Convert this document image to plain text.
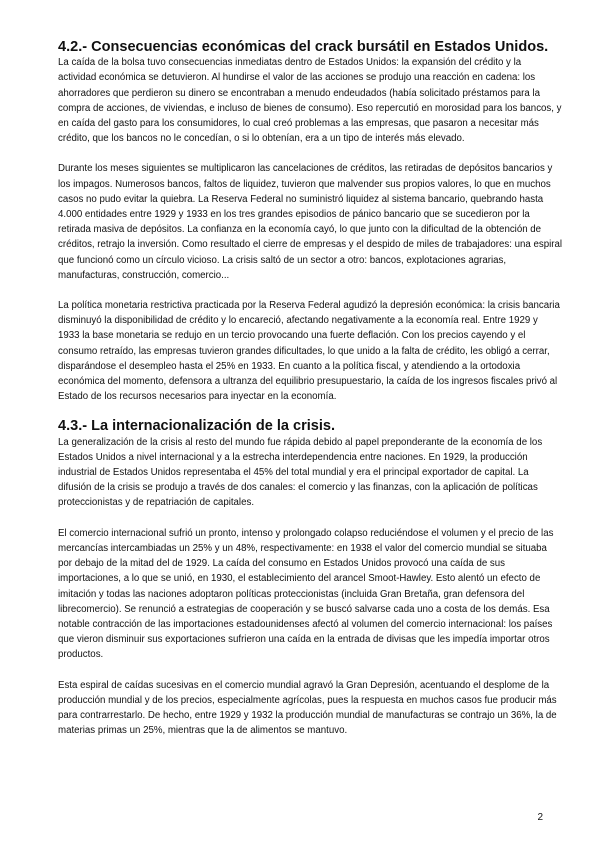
4.2.- Consecuencias económicas del crack bursátil en Estados Unidos.

La caída de la bolsa tuvo consecuencias inmediatas dentro de Estados Unidos: la expansión del crédito y la actividad económica se detuvieron. Al hundirse el valor de las acciones se produjo una reacción en cadena: los ahorradores que perdieron su dinero se encontraban a menudo endeudados (había solicitado préstamos para la compra de acciones, de viviendas, e incluso de bienes de consumo). Eso repercutió en morosidad para los bancos, y en caída del gasto para los consumidores, lo cual creó problemas a las empresas, que pasaron a necesitar más crédito, que los bancos no le concedían, o si lo obtenían, era a un tipo de interés más elevado.

Durante los meses siguientes se multiplicaron las cancelaciones de créditos, las retiradas de depósitos bancarios y los impagos. Numerosos bancos, faltos de liquidez, tuvieron que malvender sus propios valores, lo que en muchos casos no pudo evitar la quiebra. La Reserva Federal no suministró liquidez al sistema bancario, quebrando hasta 4.000 entidades entre 1929 y 1933 en los tres grandes episodios de pánico bancario que se sucedieron por la retirada masiva de depósitos. La confianza en la economía cayó, lo que junto con la dificultad de la obtención de créditos, retrajo la inversión. Como resultado el cierre de empresas y el despido de miles de trabajadores: una espiral que funcionó como un círculo vicioso. La crisis saltó de un sector a otro: bancos, explotaciones agrarias, manufacturas, construcción, comercio...

La política monetaria restrictiva practicada por la Reserva Federal agudizó la depresión económica: la crisis bancaria disminuyó la disponibilidad de crédito y lo encareció, afectando negativamente a la economía real. Entre 1929 y 1933 la base monetaria se redujo en un tercio provocando una fuerte deflación. Con los precios cayendo y el consumo retraído, las empresas tuvieron grandes dificultades, lo que unido a la falta de crédito, les obligó a cerrar, disparándose el desempleo hasta el 25% en 1933. En cuanto a la política fiscal, y atendiendo a la ortodoxia económica del momento, defensora a ultranza del equilibrio presupuestario, la caída de los ingresos fiscales privó al Estado de los recursos necesarios para inyectar en la economía.

4.3.- La internacionalización de la crisis.

La generalización de la crisis al resto del mundo fue rápida debido al papel preponderante de la economía de los Estados Unidos a nivel internacional y a la estrecha interdependencia entre naciones. En 1929, la producción industrial de Estados Unidos representaba el 45% del total mundial y era el principal exportador de capital. La difusión de la crisis se produjo a través de dos canales: el comercio y las finanzas, con la aplicación de políticas proteccionistas y de repatriación de capitales.

El comercio internacional sufrió un pronto, intenso y prolongado colapso reduciéndose el volumen y el precio de las mercancías intercambiadas un 25% y un 48%, respectivamente: en 1938 el valor del comercio mundial se situaba por debajo de la mitad del de 1929. La caída del consumo en Estados Unidos provocó una caída de sus importaciones, a lo que se unió, en 1930, el establecimiento del arancel Smoot-Hawley. Esto alentó un efecto de imitación y todas las naciones adoptaron políticas proteccionistas (incluida Gran Bretaña, gran defensora del librecomercio). Se renunció a estrategias de cooperación y se buscó salvarse cada uno a costa de los demás. Esa notable contracción de las importaciones estadounidenses afectó al volumen del comercio internacional: los países que vieron disminuir sus exportaciones sufrieron una caída en la entrada de divisas que les impedía importar otros productos.

Esta espiral de caídas sucesivas en el comercio mundial agravó la Gran Depresión, acentuando el desplome de la producción mundial y de los precios, especialmente agrícolas, pues la respuesta en muchos casos fue producir más para contrarrestarlo. De hecho, entre 1929 y 1932 la producción mundial de manufacturas se contrajo un 36%, la de materias primas un 25%, mientras que la de alimentos se mantuvo.

2
